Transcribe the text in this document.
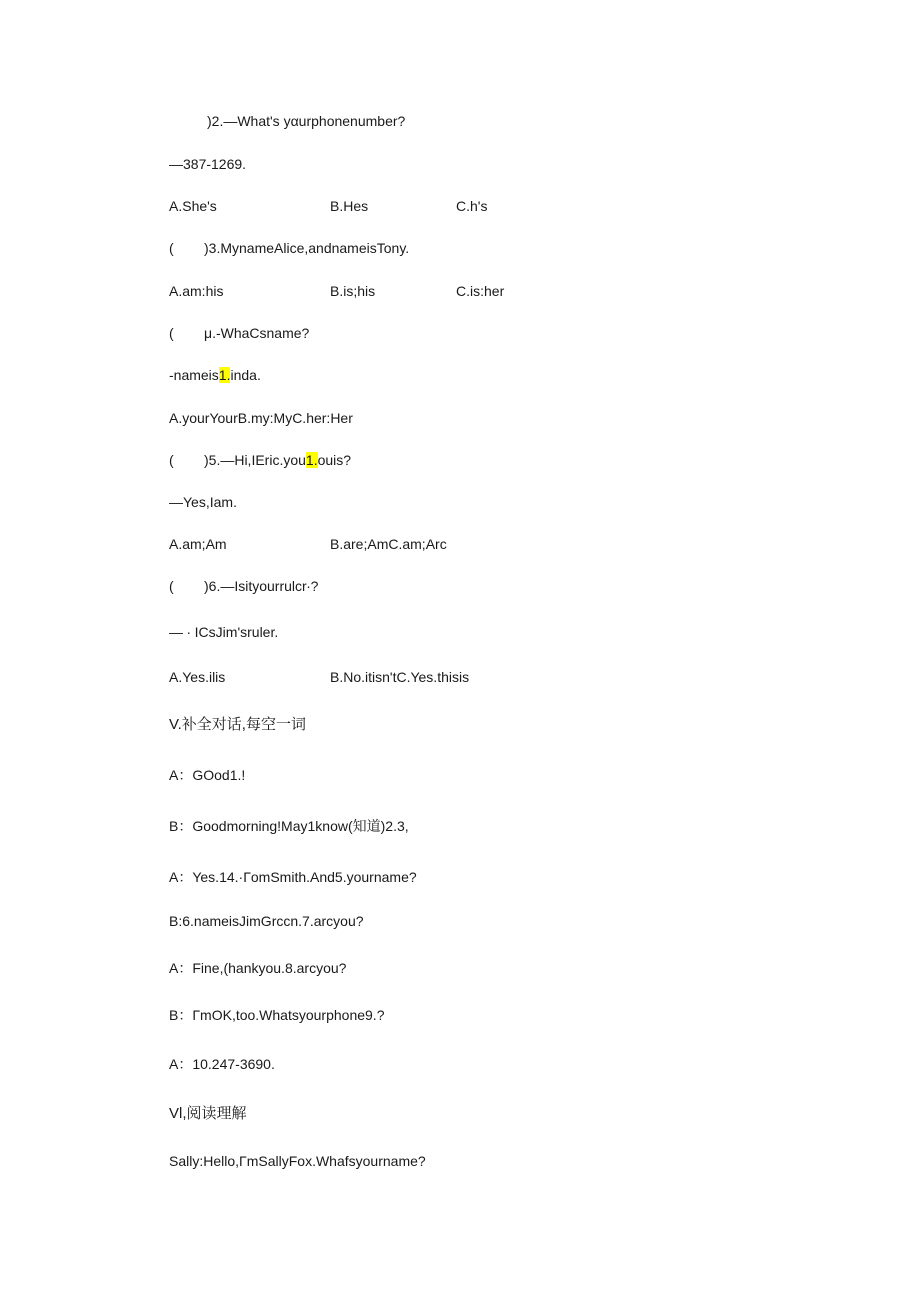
)2.—What's yαurphonenumber?
—387-1269.
A.She's	B.Hes	C.h's
( )3.MynameAlice,andnameisTony.
A.am:his	B.is;his	C.is:her
( μ.-WhaCsname?
-nameis1.inda.
A.yourYourB.my:MyC.her:Her
( )5.—Hi,IEric.you1.ouis?
—Yes,Iam.
A.am;Am	B.are;AmC.am;Arc
( )6.—Isityourrulcr∙?
— ∙ ICsJim'sruler.
A.Yes.ilis	B.No.itisn'tC.Yes.thisis
V.补全对话,每空一词
A：GOod1.!
B：Goodmorning!May1know(知道)2.3,
A：Yes.14.·ΓomSmith.And5.yourname?
B:6.nameisJimGrccn.7.arcyou?
A：Fine,(hankyou.8.arcyou?
B：ΓmOK,too.Whatsyourphone9.?
A：10.247-3690.
Vl,阅读理解
Sally:Hello,ΓmSallyFox.Whafsyourname?
